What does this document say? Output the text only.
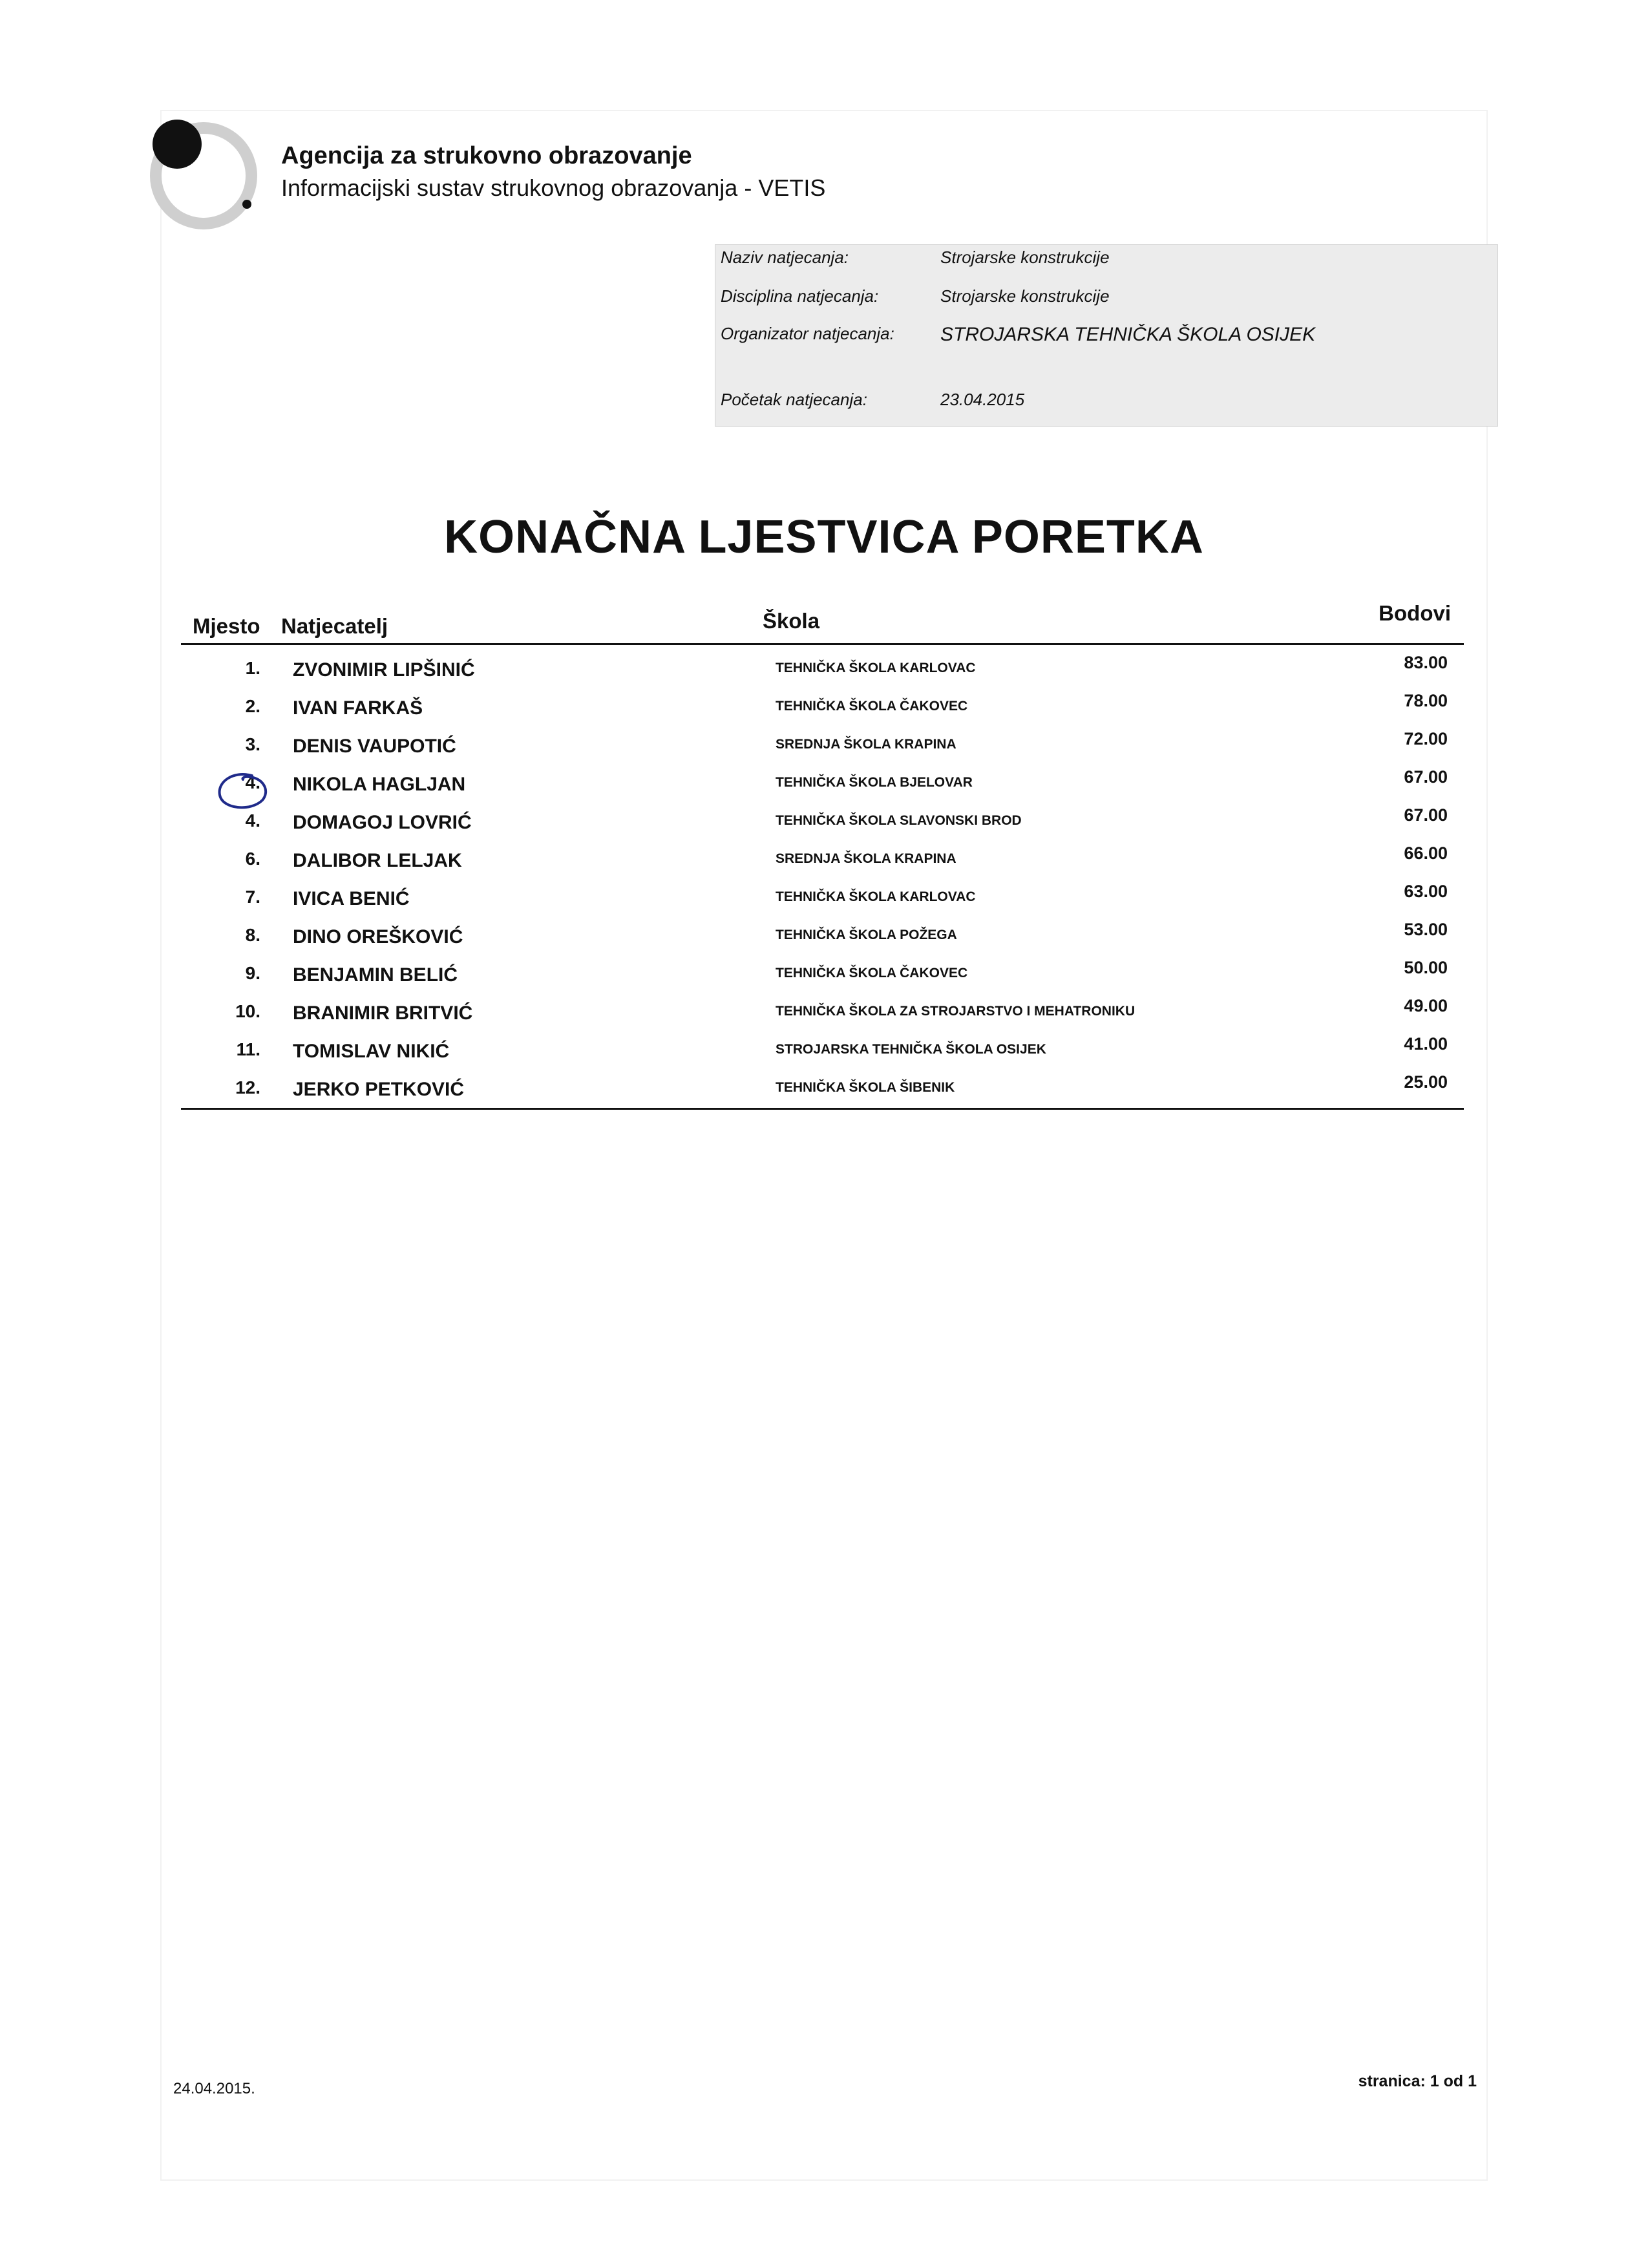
Agencija za strukovno obrazovanje
Informacijski sustav strukovnog obrazovanja - VETIS
Naziv natjecanja:	Strojarske konstrukcije
Disciplina natjecanja:	Strojarske konstrukcije
Organizator natjecanja: STROJARSKA TEHNIČKA ŠKOLA OSIJEK
Početak natjecanja:	23.04.2015
KONAČNA LJESTVICA PORETKA
Mjesto Natjecatelj	Škola	Bodovi
1. ZVONIMIR LIPŠINIĆ	TEHNIČKA ŠKOLA KARLOVAC	83.00
2. IVAN FARKAŠ	TEHNIČKA ŠKOLA ČAKOVEC	78.00
3. DENIS VAUPOTIĆ	SREDNJA ŠKOLA KRAPINA	72.00
4. NIKOLA HAGLJAN	TEHNIČKA ŠKOLA BJELOVAR	67.00
4. DOMAGOJ LOVRIĆ	TEHNIČKA ŠKOLA SLAVONSKI BROD	67.00
6. DALIBOR LELJAK	SREDNJA ŠKOLA KRAPINA	66.00
7. IVICA BENIĆ	TEHNIČKA ŠKOLA KARLOVAC	63.00
8. DINO OREŠKOVIĆ	TEHNIČKA ŠKOLA POŽEGA	53.00
9. BENJAMIN BELIĆ	TEHNIČKA ŠKOLA ČAKOVEC	50.00
10. BRANIMIR BRITVIĆ	TEHNIČKA ŠKOLA ZA STROJARSTVO I MEHATRONIKU	49.00
11. TOMISLAV NIKIĆ	STROJARSKA TEHNIČKA ŠKOLA OSIJEK	41.00
12. JERKO PETKOVIĆ	TEHNIČKA ŠKOLA ŠIBENIK	25.00
24.04.2015.	stranica: 1 od 1
